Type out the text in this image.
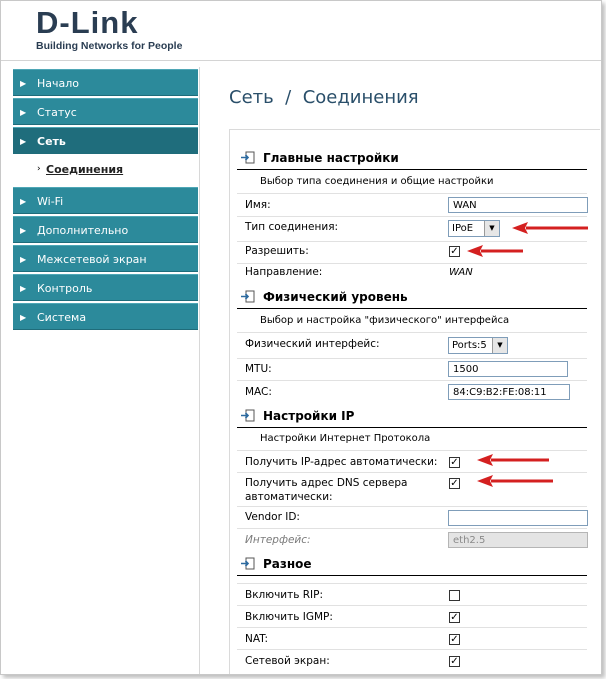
D-Link
Building Networks for People
▶ Начало
▶ Статус
▶ Сеть
› Соединения
▶ Wi-Fi
▶ Дополнительно
▶ Межсетевой экран
▶ Контроль
▶ Система
Сеть  /  Соединения
Главные настройки
Выбор типа соединения и общие настройки
Имя:	WAN
Тип соединения:	IPoE	▼
Разрешить:	✓
Направление:	WAN
Физический уровень
Выбор и настройка "физического" интерфейса
Физический интерфейс:	Ports:5	▼
MTU:	1500
MAC:	84:C9:B2:FE:08:11
Настройки IP
Настройки Интернет Протокола
Получить IP-адрес автоматически: ✓
Получить адрес DNS сервера
автоматически:
✓
Vendor ID:
Интерфейс:	eth2.5
Разное
Включить RIP:
Включить IGMP:	✓
NAT:	✓
Сетевой экран:	✓
